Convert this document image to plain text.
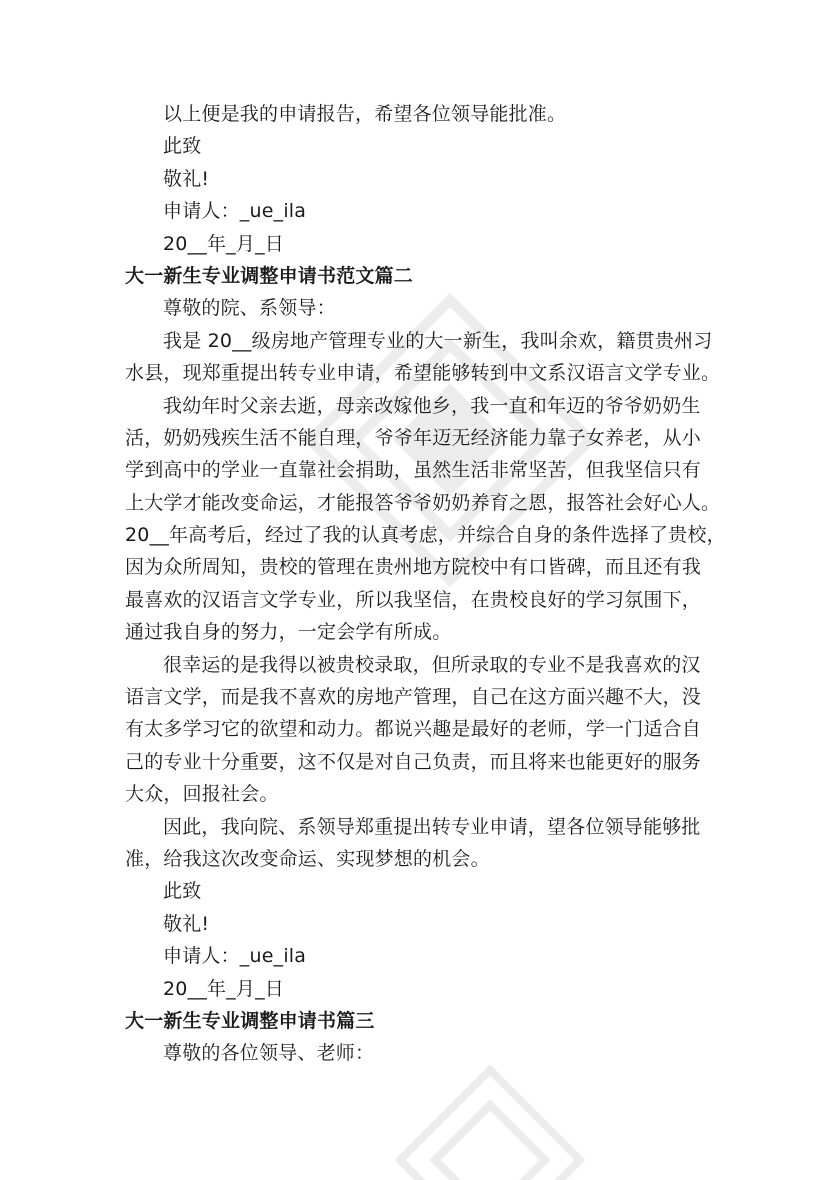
以上便是我的申请报告，希望各位领导能批准。
此致
敬礼!
申请人：_ue_ila
20__年_月_日
大一新生专业调整申请书范文篇二
尊敬的院、系领导：
我是 20__级房地产管理专业的大一新生，我叫余欢，籍贯贵州习
水县，现郑重提出转专业申请，希望能够转到中文系汉语言文学专业。
我幼年时父亲去逝，母亲改嫁他乡，我一直和年迈的爷爷奶奶生
活，奶奶残疾生活不能自理，爷爷年迈无经济能力靠子女养老，从小
学到高中的学业一直靠社会捐助，虽然生活非常坚苦，但我坚信只有
上大学才能改变命运，才能报答爷爷奶奶养育之恩，报答社会好心人。
20__年高考后，经过了我的认真考虑，并综合自身的条件选择了贵校，
因为众所周知，贵校的管理在贵州地方院校中有口皆碑，而且还有我
最喜欢的汉语言文学专业，所以我坚信，在贵校良好的学习氛围下，
通过我自身的努力，一定会学有所成。
很幸运的是我得以被贵校录取，但所录取的专业不是我喜欢的汉
语言文学，而是我不喜欢的房地产管理，自己在这方面兴趣不大，没
有太多学习它的欲望和动力。都说兴趣是最好的老师，学一门适合自
己的专业十分重要，这不仅是对自己负责，而且将来也能更好的服务
大众，回报社会。
因此，我向院、系领导郑重提出转专业申请，望各位领导能够批
准，给我这次改变命运、实现梦想的机会。
此致
敬礼!
申请人：_ue_ila
20__年_月_日
大一新生专业调整申请书篇三
尊敬的各位领导、老师：
